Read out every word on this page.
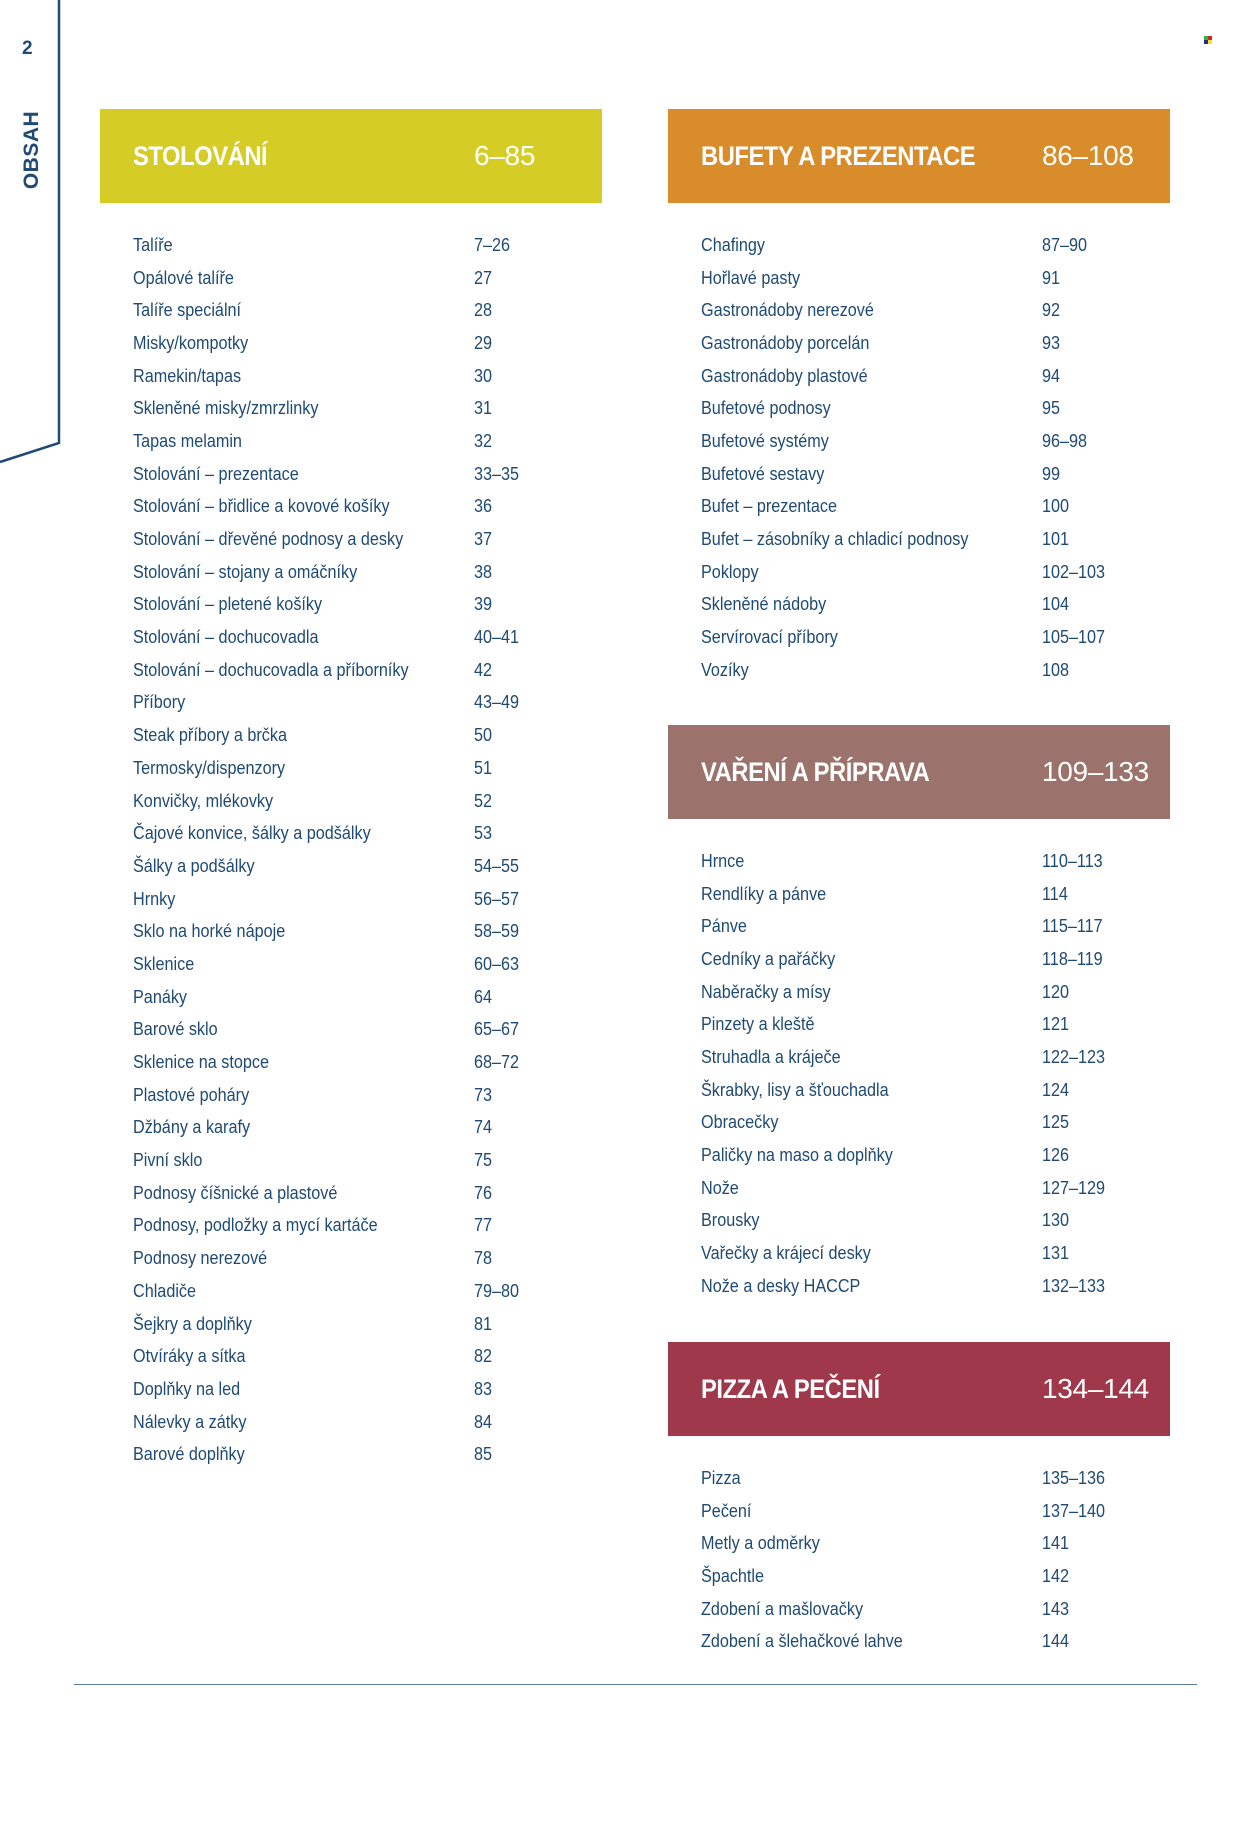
2
OBSAH	STOLOVÁNÍ	6–85
Talíře	7–26
Opálové talíře	27
Talíře speciální	28
Misky/kompotky	29
Ramekin/tapas	30
Skleněné misky/zmrzlinky	31
Tapas melamin	32
Stolování – prezentace	33–35
Stolování – břidlice a kovové košíky	36
Stolování – dřevěné podnosy a desky	37
Stolování – stojany a omáčníky	38
Stolování – pletené košíky	39
Stolování – dochucovadla	40–41
Stolování – dochucovadla a příborníky	42
Příbory	43–49
Steak příbory a brčka	50
Termosky/dispenzory	51
Konvičky, mlékovky	52
Čajové konvice, šálky a podšálky	53
Šálky a podšálky	54–55
Hrnky	56–57
Sklo na horké nápoje	58–59
Sklenice	60–63
Panáky	64
Barové sklo	65–67
Sklenice na stopce	68–72
Plastové poháry	73
Džbány a karafy	74
Pivní sklo	75
Podnosy číšnické a plastové	76
Podnosy, podložky a mycí kartáče	77
Podnosy nerezové	78
Chladiče	79–80
Šejkry a doplňky	81
Otvíráky a sítka	82
Doplňky na led	83
Nálevky a zátky	84
Barové doplňky	85
BUFETY A PREZENTACE	86–108
Chafingy	87–90
Hořlavé pasty	91
Gastronádoby nerezové	92
Gastronádoby porcelán	93
Gastronádoby plastové	94
Bufetové podnosy	95
Bufetové systémy	96–98
Bufetové sestavy	99
Bufet – prezentace	100
Bufet – zásobníky a chladicí podnosy	101
Poklopy	102–103
Skleněné nádoby	104
Servírovací příbory	105–107
Vozíky	108
VAŘENÍ A PŘÍPRAVA	109–133
Hrnce	110–113
Rendlíky a pánve	114
Pánve	115–117
Cedníky a pařáčky	118–119
Naběračky a mísy	120
Pinzety a kleště	121
Struhadla a kráječe	122–123
Škrabky, lisy a šťouchadla	124
Obracečky	125
Paličky na maso a doplňky	126
Nože	127–129
Brousky	130
Vařečky a krájecí desky	131
Nože a desky HACCP	132–133
PIZZA A PEČENÍ	134–144
Pizza	135–136
Pečení	137–140
Metly a odměrky	141
Špachtle	142
Zdobení a mašlovačky	143
Zdobení a šlehačkové lahve	144
